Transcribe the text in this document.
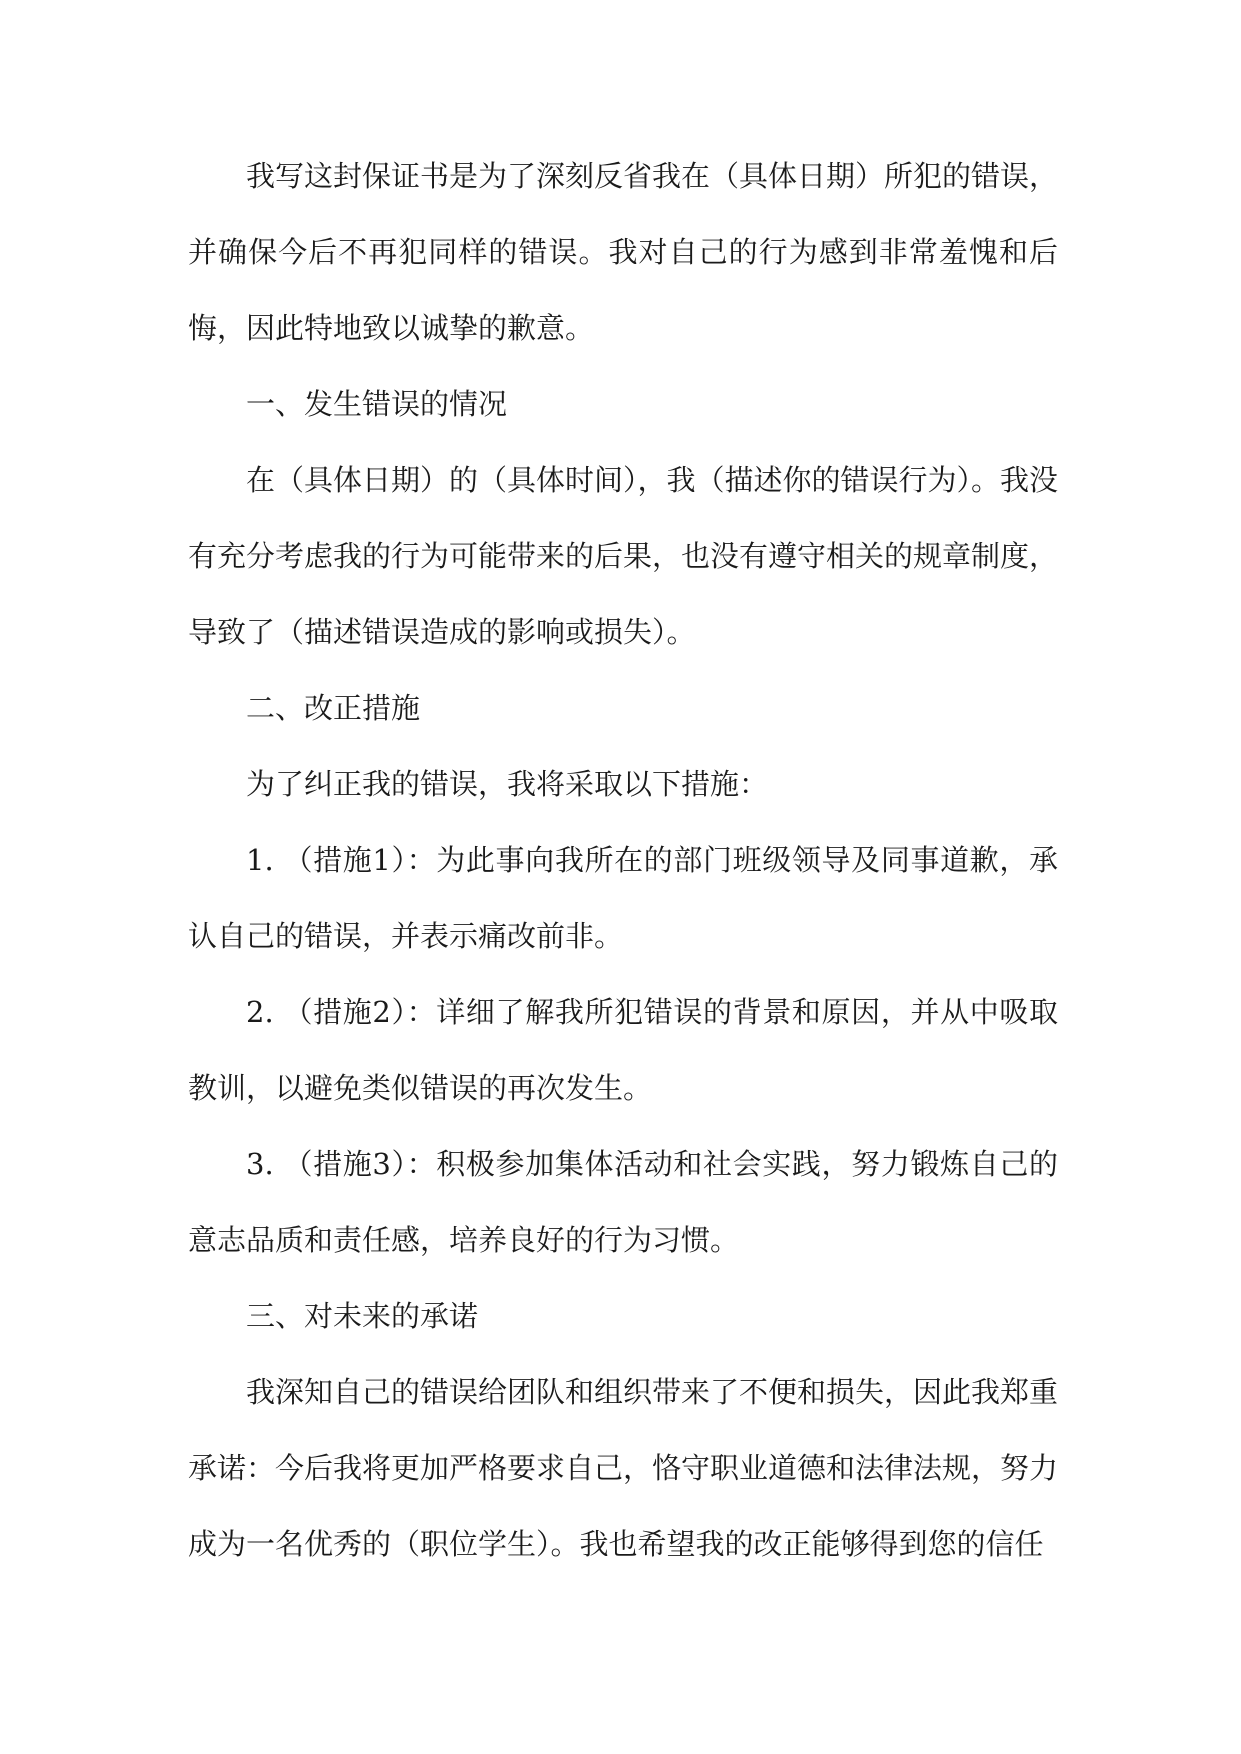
我写这封保证书是为了深刻反省我在（具体日期）所犯的错误，并确保今后不再犯同样的错误。我对自己的行为感到非常羞愧和后悔，因此特地致以诚挚的歉意。

一、发生错误的情况

在（具体日期）的（具体时间），我（描述你的错误行为）。我没有充分考虑我的行为可能带来的后果，也没有遵守相关的规章制度，导致了（描述错误造成的影响或损失）。

二、改正措施

为了纠正我的错误，我将采取以下措施：

1. （措施1）：为此事向我所在的部门班级领导及同事道歉，承认自己的错误，并表示痛改前非。

2. （措施2）：详细了解我所犯错误的背景和原因，并从中吸取教训，以避免类似错误的再次发生。

3. （措施3）：积极参加集体活动和社会实践，努力锻炼自己的意志品质和责任感，培养良好的行为习惯。

三、对未来的承诺

我深知自己的错误给团队和组织带来了不便和损失，因此我郑重承诺：今后我将更加严格要求自己，恪守职业道德和法律法规，努力成为一名优秀的（职位学生）。我也希望我的改正能够得到您的信任
